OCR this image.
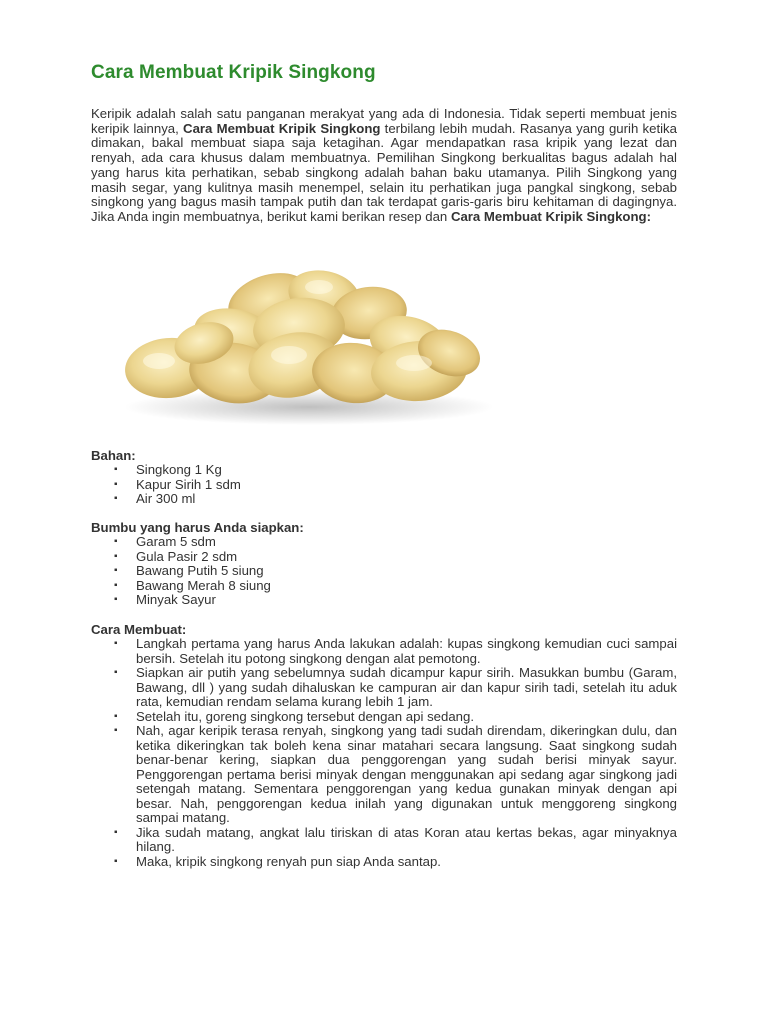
Cara Membuat Kripik Singkong

Keripik adalah salah satu panganan merakyat yang ada di Indonesia. Tidak seperti membuat jenis keripik lainnya, Cara Membuat Kripik Singkong terbilang lebih mudah. Rasanya yang gurih ketika dimakan, bakal membuat siapa saja ketagihan. Agar mendapatkan rasa kripik yang lezat dan renyah, ada cara khusus dalam membuatnya. Pemilihan Singkong berkualitas bagus adalah hal yang harus kita perhatikan, sebab singkong adalah bahan baku utamanya. Pilih Singkong yang masih segar, yang kulitnya masih menempel, selain itu perhatikan juga pangkal singkong, sebab singkong yang bagus masih tampak putih dan tak terdapat garis-garis biru kehitaman di dagingnya. Jika Anda ingin membuatnya, berikut kami berikan resep dan Cara Membuat Kripik Singkong:

Bahan:
▪ Singkong 1 Kg
▪ Kapur Sirih 1 sdm
▪ Air 300 ml
Bumbu yang harus Anda siapkan:
▪ Garam 5 sdm
▪ Gula Pasir 2 sdm
▪ Bawang Putih 5 siung
▪ Bawang Merah 8 siung
▪ Minyak Sayur
Cara Membuat:
▪ Langkah pertama yang harus Anda lakukan adalah: kupas singkong kemudian cuci sampai bersih. Setelah itu potong singkong dengan alat pemotong.
▪ Siapkan air putih yang sebelumnya sudah dicampur kapur sirih. Masukkan bumbu (Garam, Bawang, dll ) yang sudah dihaluskan ke campuran air dan kapur sirih tadi, setelah itu aduk rata, kemudian rendam selama kurang lebih 1 jam.
▪ Setelah itu, goreng singkong tersebut dengan api sedang.
▪ Nah, agar keripik terasa renyah, singkong yang tadi sudah direndam, dikeringkan dulu, dan ketika dikeringkan tak boleh kena sinar matahari secara langsung. Saat singkong sudah benar-benar kering, siapkan dua penggorengan yang sudah berisi minyak sayur. Penggorengan pertama berisi minyak dengan menggunakan api sedang agar singkong jadi setengah matang. Sementara penggorengan yang kedua gunakan minyak dengan api besar. Nah, penggorengan kedua inilah yang digunakan untuk menggoreng singkong sampai matang.
▪ Jika sudah matang, angkat lalu tiriskan di atas Koran atau kertas bekas, agar minyaknya hilang.
▪ Maka, kripik singkong renyah pun siap Anda santap.
